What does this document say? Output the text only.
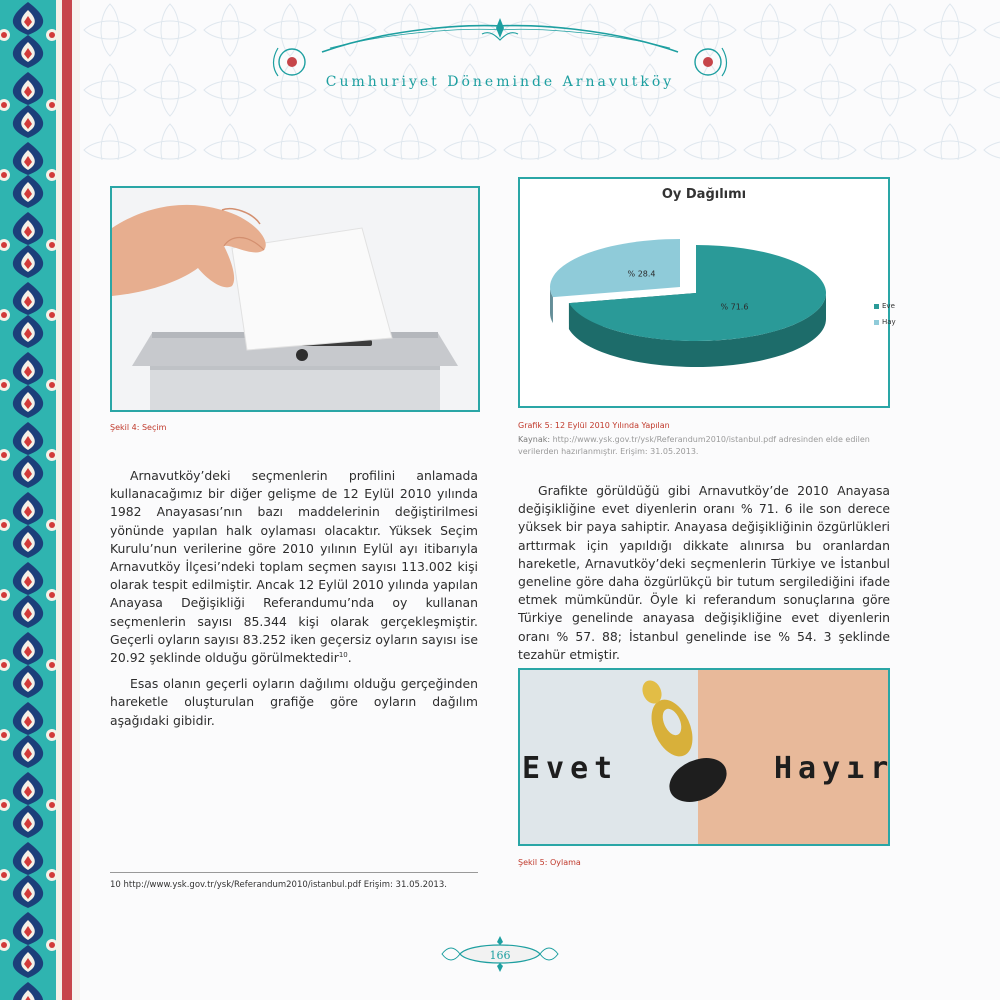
Cumhuriyet Döneminde Arnavutköy
Şekil 4: Seçim
Oy Dağılımı
% 71.6
% 28.4
Eve
Hay
Grafik 5: 12 Eylül 2010 Yılında Yapılan
Kaynak: http://www.ysk.gov.tr/ysk/Referandum2010/istanbul.pdf adresinden elde edilen verilerden hazırlanmıştır. Erişim: 31.05.2013.

Arnavutköy’deki seçmenlerin profilini anlamada kullanacağımız bir diğer gelişme de 12 Eylül 2010 yılında 1982 Anayasası’nın bazı maddelerinin değiştirilmesi yönünde yapılan halk oylaması olacaktır. Yüksek Seçim Kurulu’nun verilerine göre 2010 yılının Eylül ayı itibarıyla Arnavutköy İlçesi’ndeki toplam seçmen sayısı 113.002 kişi olarak tespit edilmiştir. Ancak 12 Eylül 2010 yılında yapılan Anayasa Değişikliği Referandumu’nda oy kullanan seçmenlerin sayısı 85.344 kişi olarak gerçekleşmiştir. Geçerli oyların sayısı 83.252 iken geçersiz oyların sayısı ise 20.92 şeklinde olduğu görülmektedir$^{10}$.

Esas olanın geçerli oyların dağılımı olduğu gerçeğinden hareketle oluşturulan grafiğe göre oyların dağılım aşağıdaki gibidir.

Grafikte görüldüğü gibi Arnavutköy’de 2010 Anayasa değişikliğine evet diyenlerin oranı % 71. 6 ile son derece yüksek bir paya sahiptir. Anayasa değişikliğinin özgürlükleri arttırmak için yapıldığı dikkate alınırsa bu oranlardan hareketle, Arnavutköy’deki seçmenlerin Türkiye ve İstanbul geneline göre daha özgürlükçü bir tutum sergilediğini ifade etmek mümkündür. Öyle ki referandum sonuçlarına göre Türkiye genelinde anayasa değişikliğine evet diyenlerin oranı % 57. 88; İstanbul genelinde ise % 54. 3 şeklinde tezahür etmiştir.

Evet	Hayır
Şekil 5: Oylama
10 http://www.ysk.gov.tr/ysk/Referandum2010/istanbul.pdf Erişim: 31.05.2013.
166
